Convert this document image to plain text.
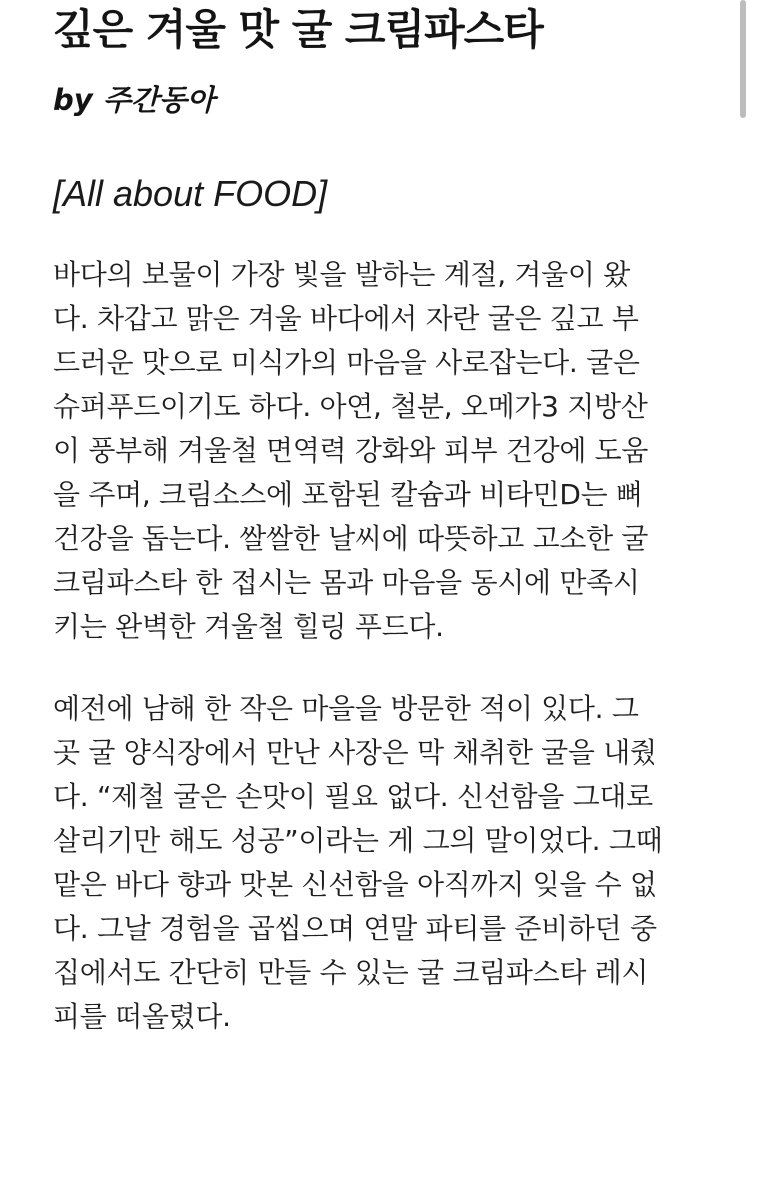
깊은 겨울 맛 굴 크림파스타
by 주간동아
[All about FOOD]
바다의 보물이 가장 빛을 발하는 계절, 겨울이 왔
다. 차갑고 맑은 겨울 바다에서 자란 굴은 깊고 부
드러운 맛으로 미식가의 마음을 사로잡는다. 굴은
슈퍼푸드이기도 하다. 아연, 철분, 오메가3 지방산
이 풍부해 겨울철 면역력 강화와 피부 건강에 도움
을 주며, 크림소스에 포함된 칼슘과 비타민D는 뼈
건강을 돕는다. 쌀쌀한 날씨에 따뜻하고 고소한 굴
크림파스타 한 접시는 몸과 마음을 동시에 만족시
키는 완벽한 겨울철 힐링 푸드다.
예전에 남해 한 작은 마을을 방문한 적이 있다. 그
곳 굴 양식장에서 만난 사장은 막 채취한 굴을 내줬
다. “제철 굴은 손맛이 필요 없다. 신선함을 그대로
살리기만 해도 성공”이라는 게 그의 말이었다. 그때
맡은 바다 향과 맛본 신선함을 아직까지 잊을 수 없
다. 그날 경험을 곱씹으며 연말 파티를 준비하던 중
집에서도 간단히 만들 수 있는 굴 크림파스타 레시
피를 떠올렸다.
